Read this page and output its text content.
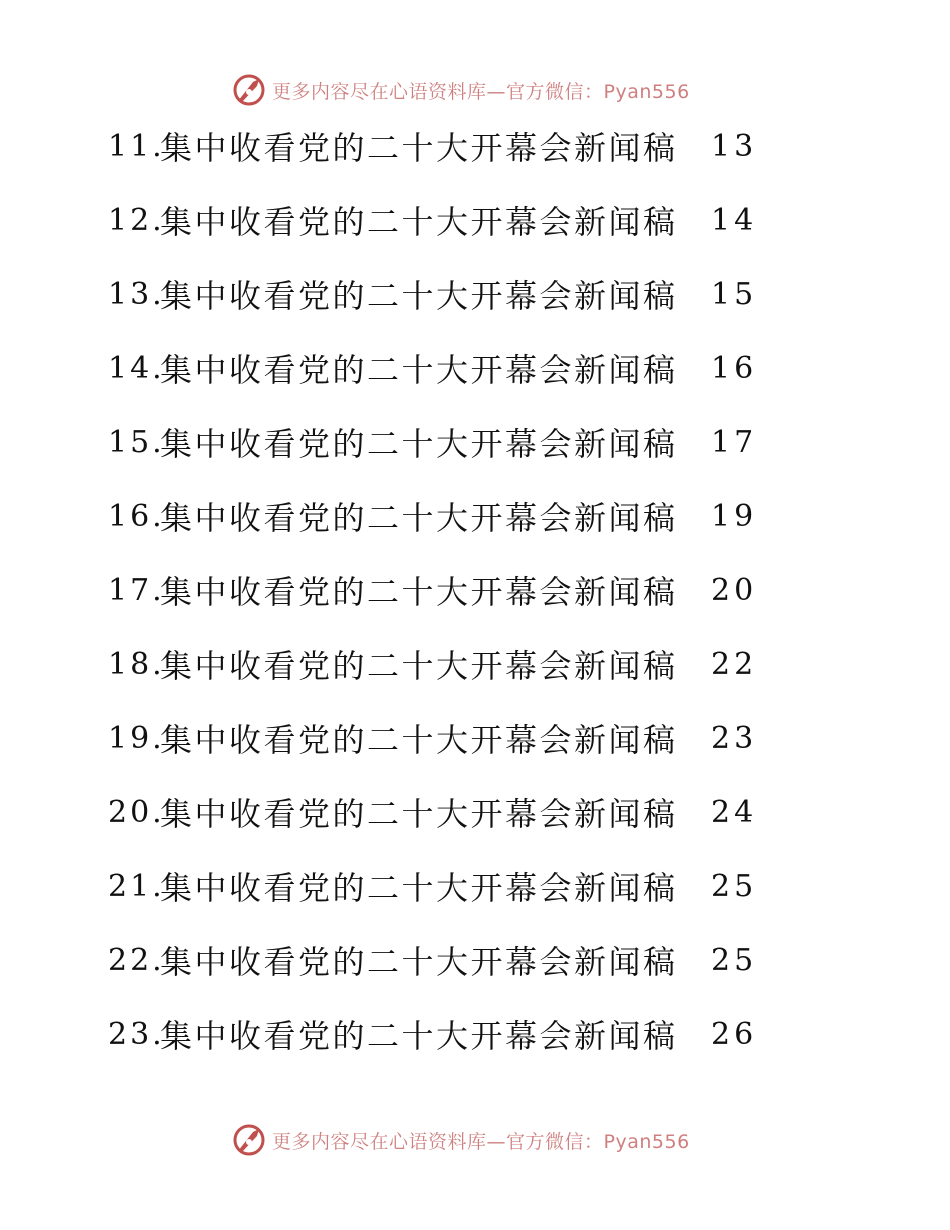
更多内容尽在心语资料库—官方微信：Pyan556
11.
集中收看党的二十大开幕会新闻稿 13
12.
集中收看党的二十大开幕会新闻稿 14
13.
集中收看党的二十大开幕会新闻稿 15
14.
集中收看党的二十大开幕会新闻稿 16
15.
集中收看党的二十大开幕会新闻稿 17
16.
集中收看党的二十大开幕会新闻稿 19
17.
集中收看党的二十大开幕会新闻稿 20
18.
集中收看党的二十大开幕会新闻稿 22
19.
集中收看党的二十大开幕会新闻稿 23
20.
集中收看党的二十大开幕会新闻稿 24
21.
集中收看党的二十大开幕会新闻稿 25
22.
集中收看党的二十大开幕会新闻稿 25
23.
集中收看党的二十大开幕会新闻稿 26
更多内容尽在心语资料库—官方微信：Pyan556
